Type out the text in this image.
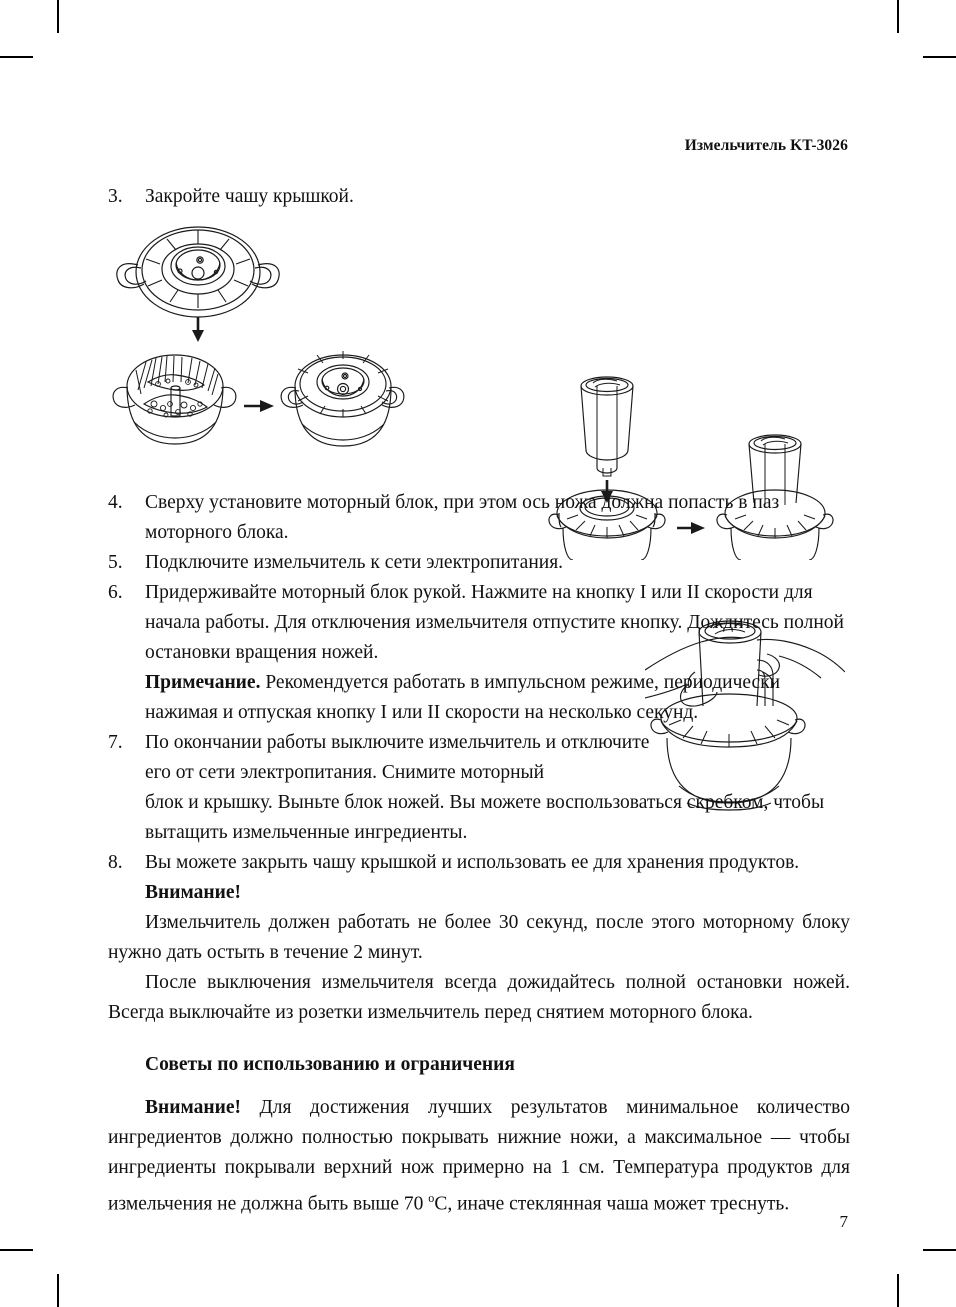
Измельчитель KT-3026
3.	Закройте чашу крышкой.

4.	Сверху установите моторный блок, при этом ось ножа должна попасть в паз моторного блока.

5.	Подключите измельчитель к сети электропитания.

6.	Придерживайте моторный блок рукой. Нажмите на кнопку I или II скорости для начала работы. Для отключения измельчителя отпустите кнопку. Дождитесь полной остановки вращения ножей.

Примечание. Рекомендуется работать в импульсном режиме, периодически нажимая и отпуская кнопку I или II скорости на несколько секунд.

7.	По окончании работы выключите измельчитель и отключите его от сети электропитания. Снимите моторный

блок и крышку. Выньте блок ножей. Вы можете воспользоваться скребком, чтобы вытащить измельченные ингредиенты.

8.	Вы можете закрыть чашу крышкой и использовать ее для хранения продуктов.

Внимание!

Измельчитель должен работать не более 30 секунд, после этого моторному блоку нужно дать остыть в течение 2 минут.

После выключения измельчителя всегда дожидайтесь полной остановки ножей. Всегда выключайте из розетки измельчитель перед снятием моторного блока.

Советы по использованию и ограничения

Внимание! Для достижения лучших результатов минимальное количество ингредиентов должно полностью покрывать нижние ножи, а максимальное — чтобы ингредиенты покрывали верхний нож примерно на 1 см. Температура продуктов для измельчения не должна быть выше 70 $^о$C, иначе стеклянная чаша может треснуть.

7
